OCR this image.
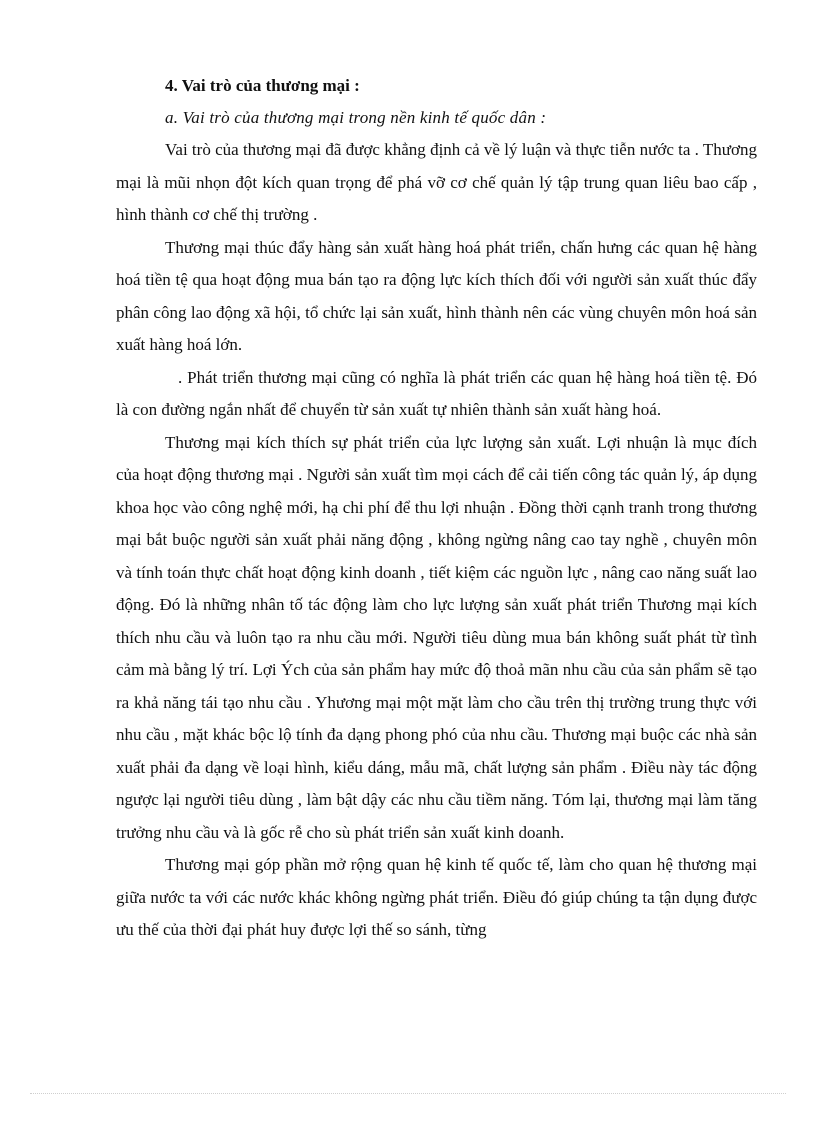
4. Vai trò của thương mại :

a. Vai trò của thương mại trong nền kinh tế quốc dân :

Vai trò của thương mại đã được khẳng định cả về lý luận và thực tiễn nước ta . Thương mại là mũi nhọn đột kích quan trọng để phá vỡ cơ chế quản lý tập trung quan liêu bao cấp , hình thành cơ chế thị trường .

Thương mại thúc đẩy hàng sản xuất hàng hoá phát triển, chấn hưng các quan hệ hàng hoá tiền tệ qua hoạt động mua bán tạo ra động lực kích thích đối với người sản xuất thúc đẩy phân công lao động xã hội, tổ chức lại sản xuất, hình thành nên các vùng chuyên môn hoá sản xuất hàng hoá lớn.

. Phát triển thương mại cũng có nghĩa là phát triển các quan hệ hàng hoá tiền tệ. Đó là con đường ngắn nhất để chuyển từ sản xuất tự nhiên thành sản xuất hàng hoá.

Thương mại kích thích sự phát triển của lực lượng sản xuất. Lợi nhuận là mục đích của hoạt động thương mại . Người sản xuất tìm mọi cách để cải tiến công tác quản lý, áp dụng khoa học vào công nghệ mới, hạ chi phí để thu lợi nhuận . Đồng thời cạnh tranh trong thương mại bắt buộc người sản xuất phải năng động , không ngừng nâng cao tay nghề , chuyên môn và tính toán thực chất hoạt động kinh doanh , tiết kiệm các nguồn lực , nâng cao năng suất lao động. Đó là những nhân tố tác động làm cho lực lượng sản xuất phát triển Thương mại kích thích nhu cầu và luôn tạo ra nhu cầu mới. Người tiêu dùng mua bán không suất phát từ tình cảm mà bằng lý trí. Lợi Ých của sản phẩm hay mức độ thoả mãn nhu cầu của sản phẩm sẽ tạo ra khả năng tái tạo nhu cầu . Yhương mại một mặt làm cho cầu trên thị trường trung thực với nhu cầu , mặt khác bộc lộ tính đa dạng phong phó của nhu cầu. Thương mại buộc các nhà sản xuất phải đa dạng về loại hình, kiểu dáng, mẫu mã, chất lượng sản phẩm . Điều này tác động ngược lại người tiêu dùng , làm bật dậy các nhu cầu tiềm năng. Tóm lại, thương mại làm tăng trưởng nhu cầu và là gốc rễ cho sù phát triển sản xuất kinh doanh.

Thương mại góp phần mở rộng quan hệ kinh tế quốc tế, làm cho quan hệ thương mại giữa nước ta với các nước khác không ngừng phát triển. Điều đó giúp chúng ta tận dụng được ưu thế của thời đại phát huy được lợi thế so sánh, từng
